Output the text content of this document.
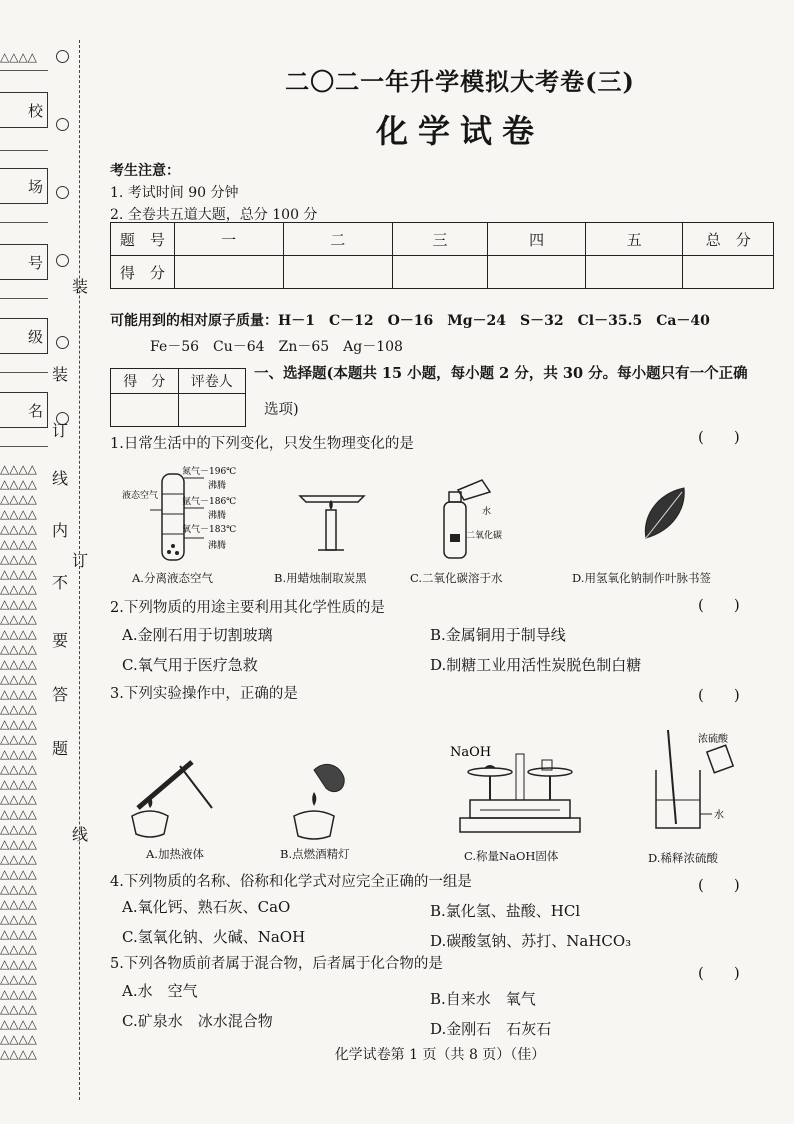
△△△△
校
场
号
级
名
△△△△
△△△△
△△△△
△△△△
△△△△
△△△△
△△△△
△△△△
△△△△
△△△△
△△△△
△△△△
△△△△
△△△△
△△△△
△△△△
△△△△
△△△△
△△△△
△△△△
△△△△
△△△△
△△△△
△△△△
△△△△
△△△△
△△△△
△△△△
△△△△
△△△△
△△△△
△△△△
△△△△
△△△△
△△△△
△△△△
△△△△
△△△△
△△△△
△△△△
装
订
线
内
不
要
答
题
装
订
线
二〇二一年升学模拟大考卷(三)
化学试卷
考生注意：
1. 考试时间 90 分钟
2. 全卷共五道大题，总分 100 分
题　号	一	二	三	四	五	总　分
得　分						
可能用到的相对原子质量：H－1　C－12　O－16　Mg－24　S－32　Cl－35.5　Ca－40
Fe－56　Cu－64　Zn－65　Ag－108
得　分	评卷人
	一、选择题(本题共 15 小题，每小题 2 分，共 30 分。每小题只有一个正确
选项)
1.日常生活中的下列变化，只发生物理变化的是	(　　)
液态空气
氮气－196℃
沸腾
氩气－186℃
沸腾
氧气－183℃
沸腾
A.分离液态空气	B.用蜡烛制取炭黑
水
二氧化碳
C.二氧化碳溶于水	D.用氢氧化钠制作叶脉书签
2.下列物质的用途主要利用其化学性质的是	(　　)
A.金刚石用于切割玻璃	B.金属铜用于制导线
C.氧气用于医疗急救	D.制糖工业用活性炭脱色制白糖
3.下列实验操作中，正确的是	(　　)
A.加热液体	B.点燃酒精灯
NaOH
C.称量NaOH固体
浓硫酸
水
D.稀释浓硫酸
4.下列物质的名称、俗称和化学式对应完全正确的一组是	(　　)
A.氧化钙、熟石灰、CaO	B.氯化氢、盐酸、HCl
C.氢氧化钠、火碱、NaOH	D.碳酸氢钠、苏打、NaHCO₃
5.下列各物质前者属于混合物，后者属于化合物的是	(　　)
A.水　空气	B.自来水　氧气
C.矿泉水　冰水混合物	D.金刚石　石灰石
化学试卷第 1 页（共 8 页）（佳）
